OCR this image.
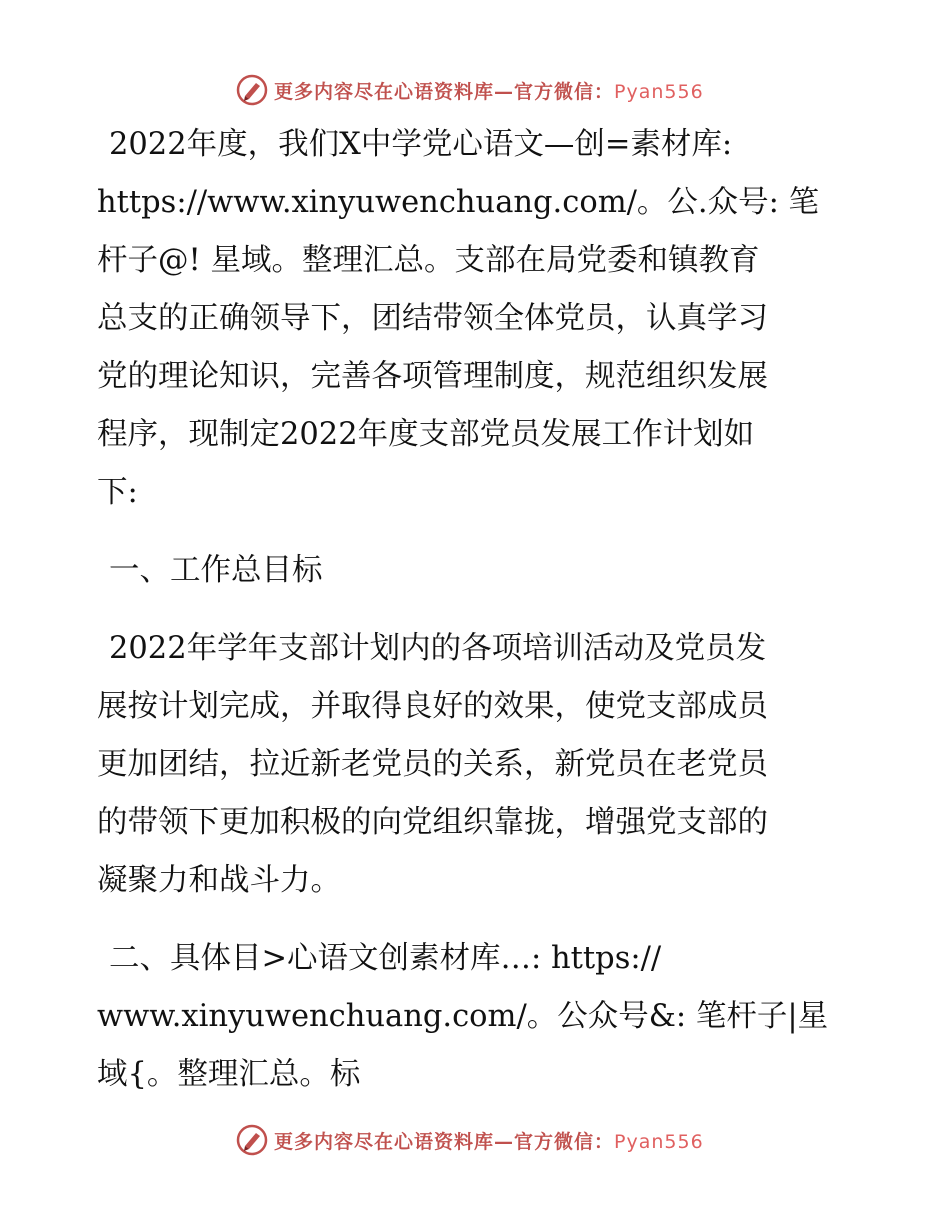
更多内容尽在心语资料库—官方微信：Pyan556
2022年度，我们X中学党心语文—创=素材库:
https://www.xinyuwenchuang.com/。公.众号: 笔
杆子@! 星域。整理汇总。支部在局党委和镇教育
总支的正确领导下，团结带领全体党员，认真学习
党的理论知识，完善各项管理制度，规范组织发展
程序，现制定2022年度支部党员发展工作计划如
下:
一、工作总目标
2022年学年支部计划内的各项培训活动及党员发
展按计划完成，并取得良好的效果，使党支部成员
更加团结，拉近新老党员的关系，新党员在老党员
的带领下更加积极的向党组织靠拢，增强党支部的
凝聚力和战斗力。
二、具体目>心语文创素材库…: https://
www.xinyuwenchuang.com/。公众号&: 笔杆子|星
域{。整理汇总。标
更多内容尽在心语资料库—官方微信：Pyan556
